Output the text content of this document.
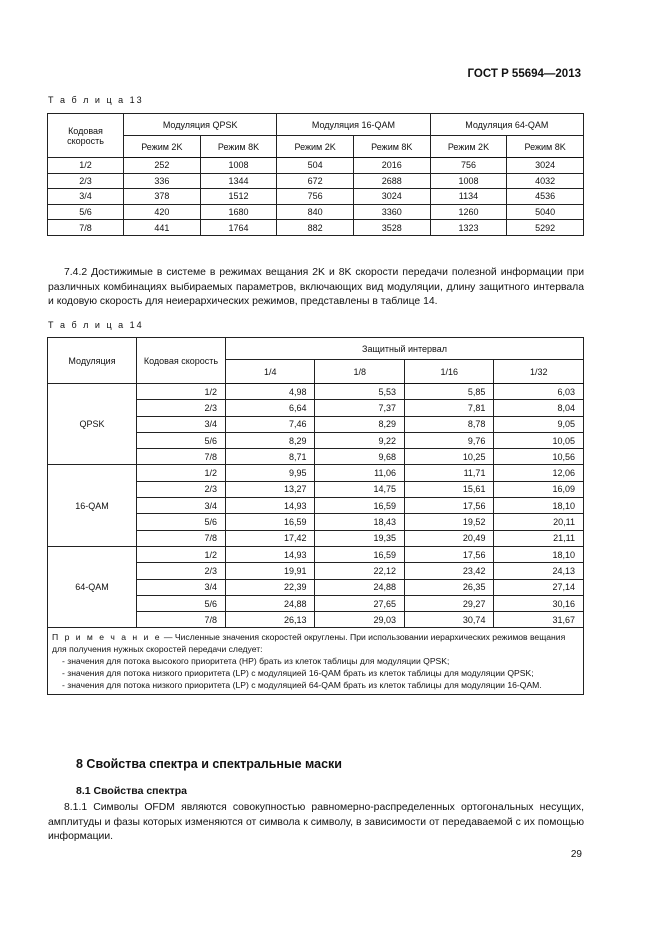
ГОСТ Р 55694—2013
Т а б л и ц а 13
Кодовая скорость	Модуляция QPSK		Модуляция 16-QAM		Модуляция 64-QAM	
	Режим 2K	Режим 8K	Режим 2K	Режим 8K	Режим 2K	Режим 8K
1/2	252	1008	504	2016	756	3024
2/3	336	1344	672	2688	1008	4032
3/4	378	1512	756	3024	1134	4536
5/6	420	1680	840	3360	1260	5040
7/8	441	1764	882	3528	1323	5292
7.4.2 Достижимые в системе в режимах вещания 2K и 8K скорости передачи полезной информации при различных комбинациях выбираемых параметров, включающих вид модуляции, длину защитного интервала и кодовую скорость для неиерархических режимов, представлены в таблице 14.
Т а б л и ц а 14
Модуляция	Кодовая скорость	Защитный интервал			
		1/4	1/8	1/16	1/32
QPSK	1/2	4,98	5,53	5,85	6,03
	2/3	6,64	7,37	7,81	8,04
	3/4	7,46	8,29	8,78	9,05
	5/6	8,29	9,22	9,76	10,05
	7/8	8,71	9,68	10,25	10,56
16-QAM	1/2	9,95	11,06	11,71	12,06
	2/3	13,27	14,75	15,61	16,09
	3/4	14,93	16,59	17,56	18,10
	5/6	16,59	18,43	19,52	20,11
	7/8	17,42	19,35	20,49	21,11
64-QAM	1/2	14,93	16,59	17,56	18,10
	2/3	19,91	22,12	23,42	24,13
	3/4	22,39	24,88	26,35	27,14
	5/6	24,88	27,65	29,27	30,16
	7/8	26,13	29,03	30,74	31,67

П р и м е ч а н и е — Численные значения скоростей округлены. При использовании иерархических режимов вещания для получения нужных скоростей передачи следует:
- значения для потока высокого приоритета (HP) брать из клеток таблицы для модуляции QPSK;
- значения для потока низкого приоритета (LP) с модуляцией 16-QAM брать из клеток таблицы для модуляции QPSK;
- значения для потока низкого приоритета (LP) с модуляцией 64-QAM брать из клеток таблицы для модуляции 16-QAM.					
8 Свойства спектра и спектральные маски
8.1 Свойства спектра
8.1.1 Символы OFDM являются совокупностью равномерно-распределенных ортогональных несущих, амплитуды и фазы которых изменяются от символа к символу, в зависимости от передаваемой с их помощью информации.
29
